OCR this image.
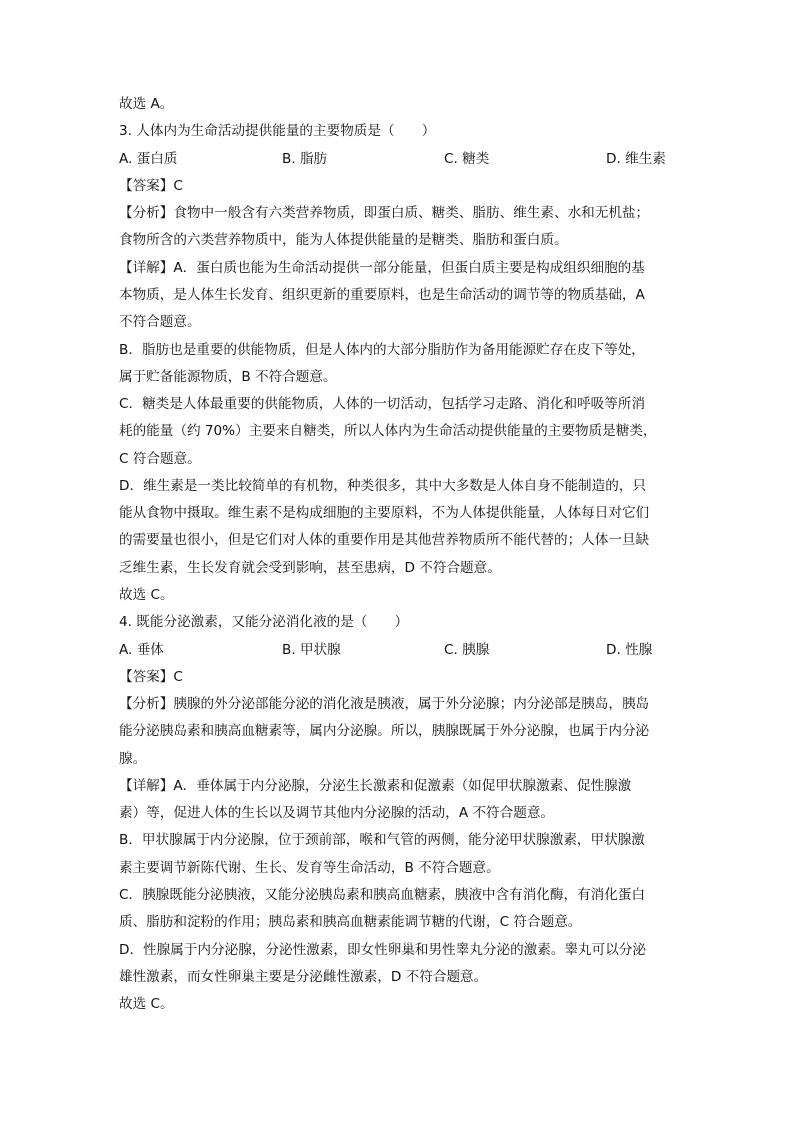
故选 A。
3. 人体内为生命活动提供能量的主要物质是（　　）
A. 蛋白质	B. 脂肪	C. 糖类	D. 维生素
【答案】C
【分析】食物中一般含有六类营养物质，即蛋白质、糖类、脂肪、维生素、水和无机盐；
食物所含的六类营养物质中，能为人体提供能量的是糖类、脂肪和蛋白质。
【详解】A．蛋白质也能为生命活动提供一部分能量，但蛋白质主要是构成组织细胞的基
本物质，是人体生长发育、组织更新的重要原料，也是生命活动的调节等的物质基础，A
不符合题意。
B．脂肪也是重要的供能物质，但是人体内的大部分脂肪作为备用能源贮存在皮下等处，
属于贮备能源物质，B 不符合题意。
C．糖类是人体最重要的供能物质，人体的一切活动，包括学习走路、消化和呼吸等所消
耗的能量（约 70%）主要来自糖类，所以人体内为生命活动提供能量的主要物质是糖类，
C 符合题意。
D．维生素是一类比较简单的有机物，种类很多，其中大多数是人体自身不能制造的，只
能从食物中摄取。维生素不是构成细胞的主要原料，不为人体提供能量，人体每日对它们
的需要量也很小，但是它们对人体的重要作用是其他营养物质所不能代替的；人体一旦缺
乏维生素，生长发育就会受到影响，甚至患病，D 不符合题意。
故选 C。
4. 既能分泌激素，又能分泌消化液的是（　　）
A. 垂体	B. 甲状腺	C. 胰腺	D. 性腺
【答案】C
【分析】胰腺的外分泌部能分泌的消化液是胰液，属于外分泌腺；内分泌部是胰岛，胰岛
能分泌胰岛素和胰高血糖素等，属内分泌腺。所以，胰腺既属于外分泌腺，也属于内分泌
腺。
【详解】A．垂体属于内分泌腺，分泌生长激素和促激素（如促甲状腺激素、促性腺激
素）等，促进人体的生长以及调节其他内分泌腺的活动，A 不符合题意。
B．甲状腺属于内分泌腺，位于颈前部，喉和气管的两侧，能分泌甲状腺激素，甲状腺激
素主要调节新陈代谢、生长、发育等生命活动，B 不符合题意。
C．胰腺既能分泌胰液，又能分泌胰岛素和胰高血糖素，胰液中含有消化酶，有消化蛋白
质、脂肪和淀粉的作用；胰岛素和胰高血糖素能调节糖的代谢，C 符合题意。
D．性腺属于内分泌腺，分泌性激素，即女性卵巢和男性睾丸分泌的激素。睾丸可以分泌
雄性激素，而女性卵巢主要是分泌雌性激素，D 不符合题意。
故选 C。
